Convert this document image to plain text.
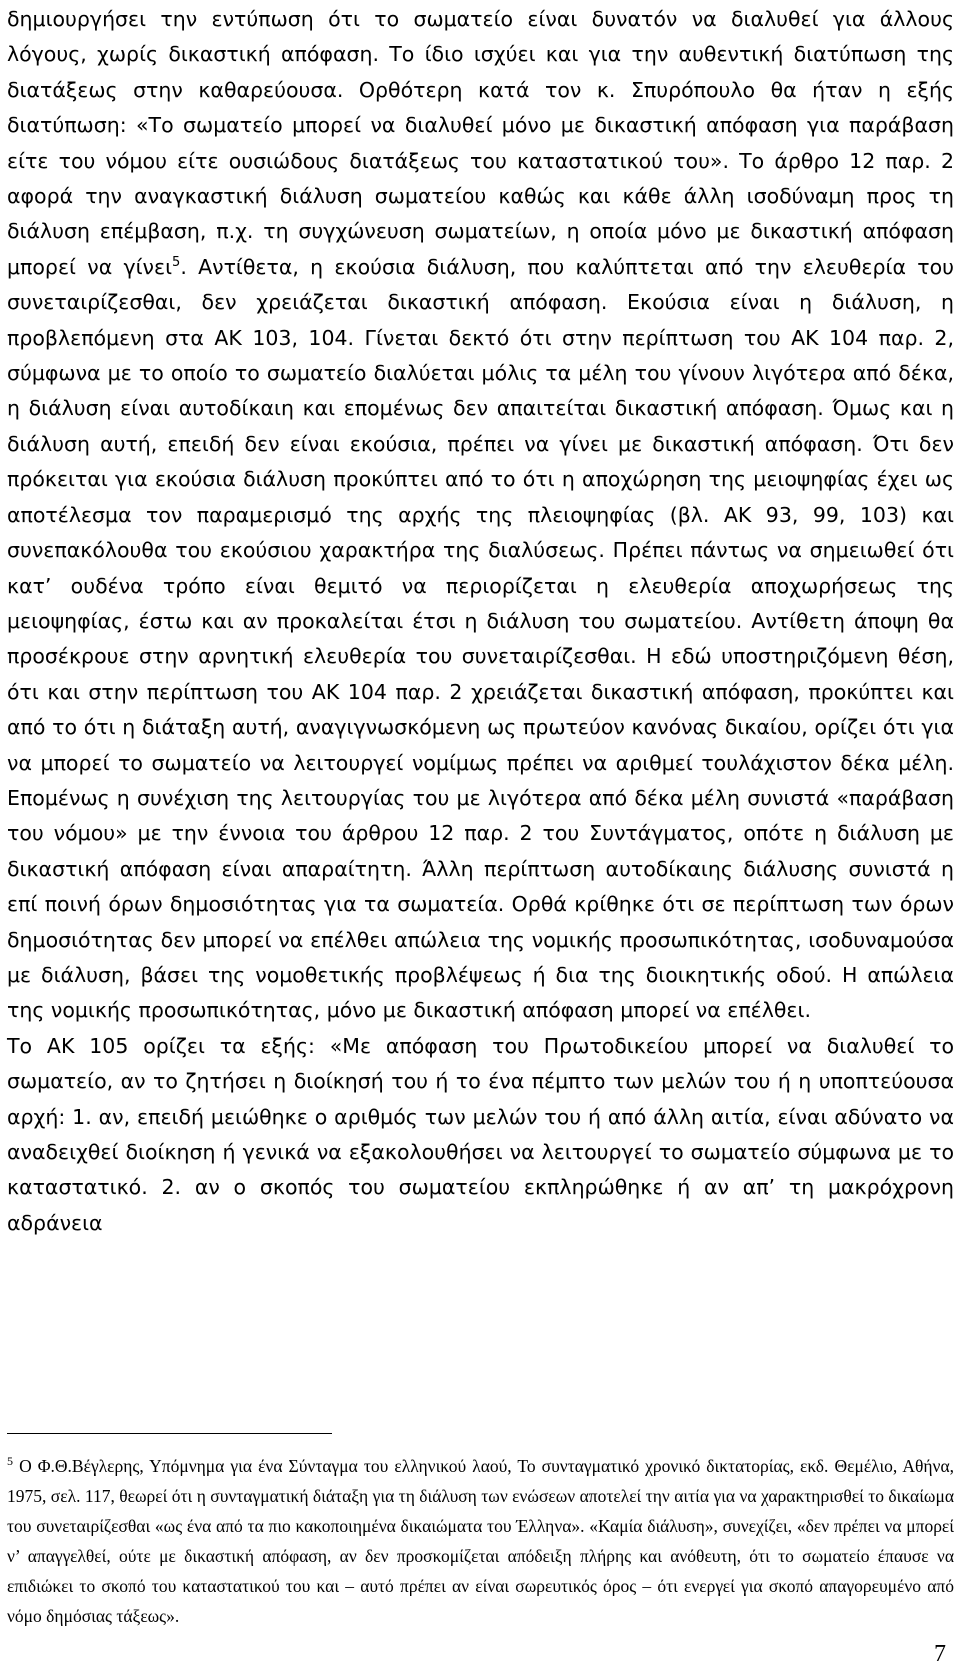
δημιουργήσει την εντύπωση ότι το σωματείο είναι δυνατόν να διαλυθεί για άλλους λόγους, χωρίς δικαστική απόφαση. Το ίδιο ισχύει και για την αυθεντική διατύπωση της διατάξεως στην καθαρεύουσα. Ορθότερη κατά τον κ. Σπυρόπουλο θα ήταν η εξής διατύπωση: «Το σωματείο μπορεί να διαλυθεί μόνο με δικαστική απόφαση για παράβαση είτε του νόμου είτε ουσιώδους διατάξεως του καταστατικού του». Το άρθρο 12 παρ. 2 αφορά την αναγκαστική διάλυση σωματείου καθώς και κάθε άλλη ισοδύναμη προς τη διάλυση επέμβαση, π.χ. τη συγχώνευση σωματείων, η οποία μόνο με δικαστική απόφαση μπορεί να γίνει$^5$. Αντίθετα, η εκούσια διάλυση, που καλύπτεται από την ελευθερία του συνεταιρίζεσθαι, δεν χρειάζεται δικαστική απόφαση. Εκούσια είναι η διάλυση, η προβλεπόμενη στα ΑΚ 103, 104. Γίνεται δεκτό ότι στην περίπτωση του ΑΚ 104 παρ. 2, σύμφωνα με το οποίο το σωματείο διαλύεται μόλις τα μέλη του γίνουν λιγότερα από δέκα, η διάλυση είναι αυτοδίκαιη και επομένως δεν απαιτείται δικαστική απόφαση. Όμως και η διάλυση αυτή, επειδή δεν είναι εκούσια, πρέπει να γίνει με δικαστική απόφαση. Ότι δεν πρόκειται για εκούσια διάλυση προκύπτει από το ότι η αποχώρηση της μειοψηφίας έχει ως αποτέλεσμα τον παραμερισμό της αρχής της πλειοψηφίας (βλ. ΑΚ 93, 99, 103) και συνεπακόλουθα του εκούσιου χαρακτήρα της διαλύσεως. Πρέπει πάντως να σημειωθεί ότι κατ’ ουδένα τρόπο είναι θεμιτό να περιορίζεται η ελευθερία αποχωρήσεως της μειοψηφίας, έστω και αν προκαλείται έτσι η διάλυση του σωματείου. Αντίθετη άποψη θα προσέκρουε στην αρνητική ελευθερία του συνεταιρίζεσθαι. Η εδώ υποστηριζόμενη θέση, ότι και στην περίπτωση του ΑΚ 104 παρ. 2 χρειάζεται δικαστική απόφαση, προκύπτει και από το ότι η διάταξη αυτή, αναγιγνωσκόμενη ως πρωτεύον κανόνας δικαίου, ορίζει ότι για να μπορεί το σωματείο να λειτουργεί νομίμως πρέπει να αριθμεί τουλάχιστον δέκα μέλη. Επομένως η συνέχιση της λειτουργίας του με λιγότερα από δέκα μέλη συνιστά «παράβαση του νόμου» με την έννοια του άρθρου 12 παρ. 2 του Συντάγματος, οπότε η διάλυση με δικαστική απόφαση είναι απαραίτητη. Άλλη περίπτωση αυτοδίκαιης διάλυσης συνιστά η επί ποινή όρων δημοσιότητας για τα σωματεία. Ορθά κρίθηκε ότι σε περίπτωση των όρων δημοσιότητας δεν μπορεί να επέλθει απώλεια της νομικής προσωπικότητας, ισοδυναμούσα με διάλυση, βάσει της νομοθετικής προβλέψεως ή δια της διοικητικής οδού. Η απώλεια της νομικής προσωπικότητας, μόνο με δικαστική απόφαση μπορεί να επέλθει.

Το ΑΚ 105 ορίζει τα εξής: «Με απόφαση του Πρωτοδικείου μπορεί να διαλυθεί το σωματείο, αν το ζητήσει η διοίκησή του ή το ένα πέμπτο των μελών του ή η υποπτεύουσα αρχή: 1. αν, επειδή μειώθηκε ο αριθμός των μελών του ή από άλλη αιτία, είναι αδύνατο να αναδειχθεί διοίκηση ή γενικά να εξακολουθήσει να λειτουργεί το σωματείο σύμφωνα με το καταστατικό. 2. αν ο σκοπός του σωματείου εκπληρώθηκε ή αν απ’ τη μακρόχρονη αδράνεια

$^5$ Ο Φ.Θ.Βέγλερης, Υπόμνημα για ένα Σύνταγμα του ελληνικού λαού, Το συνταγματικό χρονικό δικτατορίας, εκδ. Θεμέλιο, Αθήνα, 1975, σελ. 117, θεωρεί ότι η συνταγματική διάταξη για τη διάλυση των ενώσεων αποτελεί την αιτία για να χαρακτηρισθεί το δικαίωμα του συνεταιρίζεσθαι «ως ένα από τα πιο κακοποιημένα δικαιώματα του Έλληνα». «Καμία διάλυση», συνεχίζει, «δεν πρέπει να μπορεί ν’ απαγγελθεί, ούτε με δικαστική απόφαση, αν δεν προσκομίζεται απόδειξη πλήρης και ανόθευτη, ότι το σωματείο έπαυσε να επιδιώκει το σκοπό του καταστατικού του και – αυτό πρέπει αν είναι σωρευτικός όρος – ότι ενεργεί για σκοπό απαγορευμένο από νόμο δημόσιας τάξεως».

7
